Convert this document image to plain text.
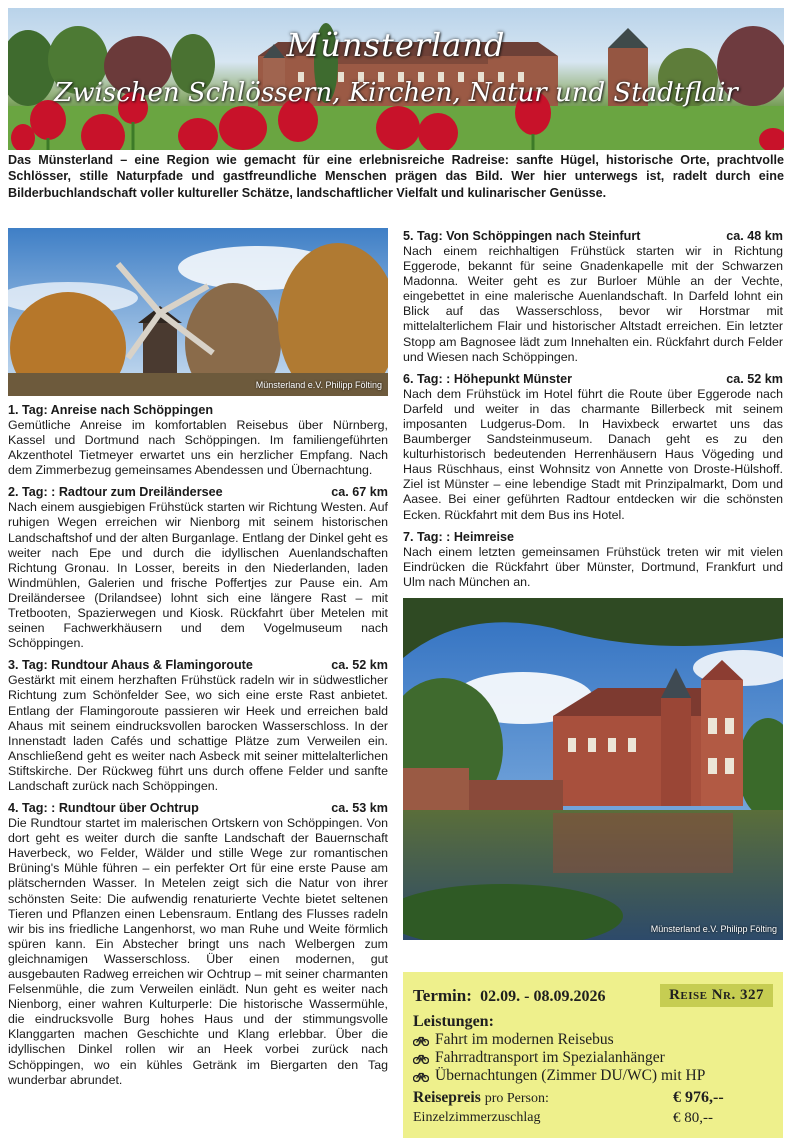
Münsterland
Zwischen Schlössern, Kirchen, Natur und Stadtflair

Das Münsterland – eine Region wie gemacht für eine erlebnisreiche Radreise: sanfte Hügel, historische Orte, prachtvolle Schlösser, stille Naturpfade und gastfreundliche Menschen prägen das Bild. Wer hier unterwegs ist, radelt durch eine Bilderbuchlandschaft voller kultureller Schätze, landschaftlicher Vielfalt und kulinarischer Genüsse.

Münsterland e.V. Philipp Fölting
1. Tag: Anreise nach Schöppingen

Gemütliche Anreise im komfortablen Reisebus über Nürnberg, Kassel und Dortmund nach Schöppingen. Im familiengeführten Akzenthotel Tietmeyer erwartet uns ein herzlicher Empfang. Nach dem Zimmerbezug gemeinsames Abendessen und Übernachtung.

2. Tag: : Radtour zum Dreiländersee	ca. 67 km

Nach einem ausgiebigen Frühstück starten wir Richtung Westen. Auf ruhigen Wegen erreichen wir Nienborg mit seinem historischen Landschaftshof und der alten Burganlage. Entlang der Dinkel geht es weiter nach Epe und durch die idyllischen Auenlandschaften Richtung Gronau. In Losser, bereits in den Niederlanden, laden Windmühlen, Galerien und frische Poffertjes zur Pause ein. Am Dreiländersee (Drilandsee) lohnt sich eine längere Rast – mit Tretbooten, Spazierwegen und Kiosk. Rückfahrt über Metelen mit seinen Fachwerkhäusern und dem Vogelmuseum nach Schöppingen.

3. Tag: Rundtour Ahaus & Flamingoroute	ca. 52 km

Gestärkt mit einem herzhaften Frühstück radeln wir in südwestlicher Richtung zum Schönfelder See, wo sich eine erste Rast anbietet. Entlang der Flamingoroute passieren wir Heek und erreichen bald Ahaus mit seinem eindrucksvollen barocken Wasserschloss. In der Innenstadt laden Cafés und schattige Plätze zum Verweilen ein. Anschließend geht es weiter nach Asbeck mit seiner mittelalterlichen Stiftskirche. Der Rückweg führt uns durch offene Felder und sanfte Landschaft zurück nach Schöppingen.

4. Tag: : Rundtour über Ochtrup	ca. 53 km

Die Rundtour startet im malerischen Ortskern von Schöppingen. Von dort geht es weiter durch die sanfte Landschaft der Bauernschaft Haverbeck, wo Felder, Wälder und stille Wege zur romantischen Brüning's Mühle führen – ein perfekter Ort für eine erste Pause am plätschernden Wasser. In Metelen zeigt sich die Natur von ihrer schönsten Seite: Die aufwendig renaturierte Vechte bietet seltenen Tieren und Pflanzen einen Lebensraum. Entlang des Flusses radeln wir bis ins friedliche Langenhorst, wo man Ruhe und Weite förmlich spüren kann. Ein Abstecher bringt uns nach Welbergen zum gleichnamigen Wasserschloss. Über einen modernen, gut ausgebauten Radweg erreichen wir Ochtrup – mit seiner charmanten Felsenmühle, die zum Verweilen einlädt. Nun geht es weiter nach Nienborg, einer wahren Kulturperle: Die historische Wassermühle, die eindrucksvolle Burg hohes Haus und der stimmungsvolle Klanggarten machen Geschichte und Klang erlebbar. Über die idyllischen Dinkel rollen wir an Heek vorbei zurück nach Schöppingen, wo ein kühles Getränk im Biergarten den Tag wunderbar abrundet.

5. Tag: Von Schöppingen nach Steinfurt	ca. 48 km

Nach einem reichhaltigen Frühstück starten wir in Richtung Eggerode, bekannt für seine Gnadenkapelle mit der Schwarzen Madonna. Weiter geht es zur Burloer Mühle an der Vechte, eingebettet in eine malerische Auenlandschaft. In Darfeld lohnt ein Blick auf das Wasserschloss, bevor wir Horstmar mit mittelalterlichem Flair und historischer Altstadt erreichen. Ein letzter Stopp am Bagnosee lädt zum Innehalten ein. Rückfahrt durch Felder und Wiesen nach Schöppingen.

6. Tag: : Höhepunkt Münster	ca. 52 km

Nach dem Frühstück im Hotel führt die Route über Eggerode nach Darfeld und weiter in das charmante Billerbeck mit seinem imposanten Ludgerus-Dom. In Havixbeck erwartet uns das Baumberger Sandsteinmuseum. Danach geht es zu den kulturhistorisch bedeutenden Herrenhäusern Haus Vögeding und Haus Rüschhaus, einst Wohnsitz von Annette von Droste-Hülshoff. Ziel ist Münster – eine lebendige Stadt mit Prinzipalmarkt, Dom und Aasee. Bei einer geführten Radtour entdecken wir die schönsten Ecken. Rückfahrt mit dem Bus ins Hotel.

7. Tag: : Heimreise

Nach einem letzten gemeinsamen Frühstück treten wir mit vielen Eindrücken die Rückfahrt über Münster, Dortmund, Frankfurt und Ulm nach München an.

Münsterland e.V. Philipp Fölting
Termin: 02.09. - 08.09.2026	Reise Nr. 327
Leistungen:
Fahrt im modernen Reisebus
Fahrradtransport im Spezialanhänger
Übernachtungen (Zimmer DU/WC) mit HP
Reisepreis pro Person:	€ 976,--
Einzelzimmerzuschlag	€ 80,--
